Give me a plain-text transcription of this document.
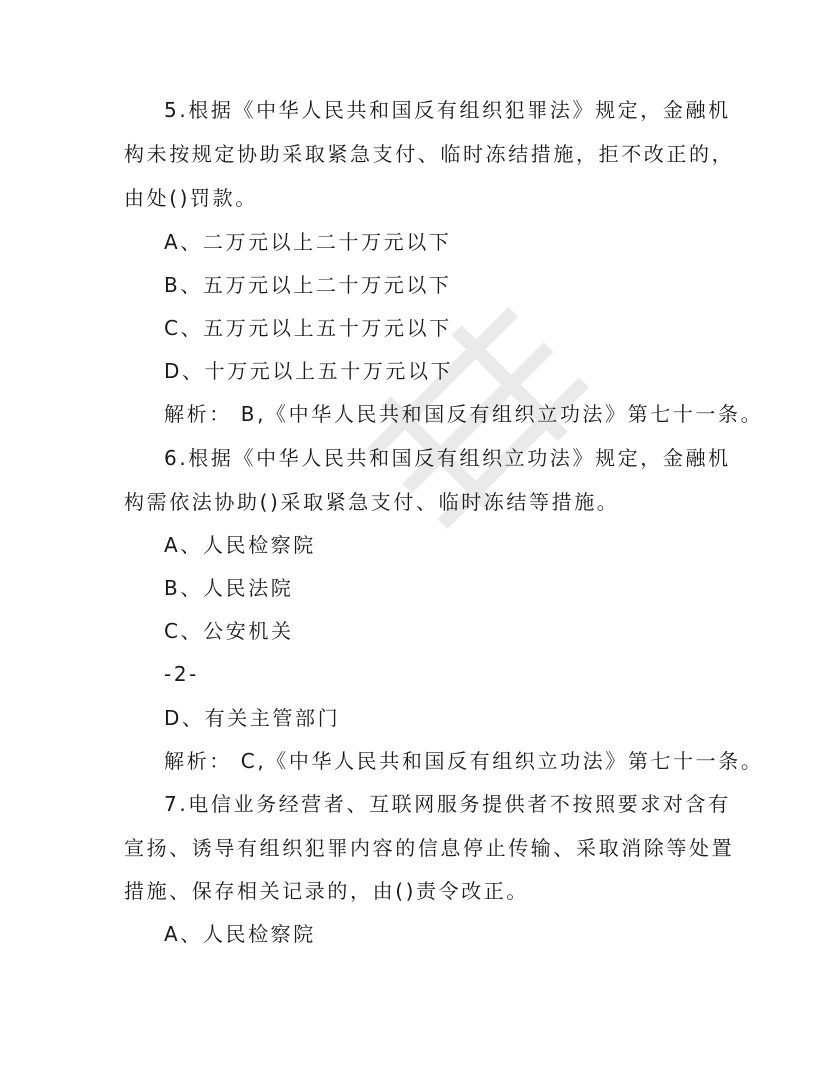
5.根据《中华人民共和国反有组织犯罪法》规定，金融机
构未按规定协助采取紧急支付、临时冻结措施，拒不改正的，
由处()罚款。
A、二万元以上二十万元以下
B、五万元以上二十万元以下
C、五万元以上五十万元以下
D、十万元以上五十万元以下
解析： B,《中华人民共和国反有组织立功法》第七十一条。
6.根据《中华人民共和国反有组织立功法》规定，金融机
构需依法协助()采取紧急支付、临时冻结等措施。
A、人民检察院
B、人民法院
C、公安机关
-2-
D、有关主管部门
解析： C,《中华人民共和国反有组织立功法》第七十一条。
7.电信业务经营者、互联网服务提供者不按照要求对含有
宣扬、诱导有组织犯罪内容的信息停止传输、采取消除等处置
措施、保存相关记录的，由()责令改正。
A、人民检察院
